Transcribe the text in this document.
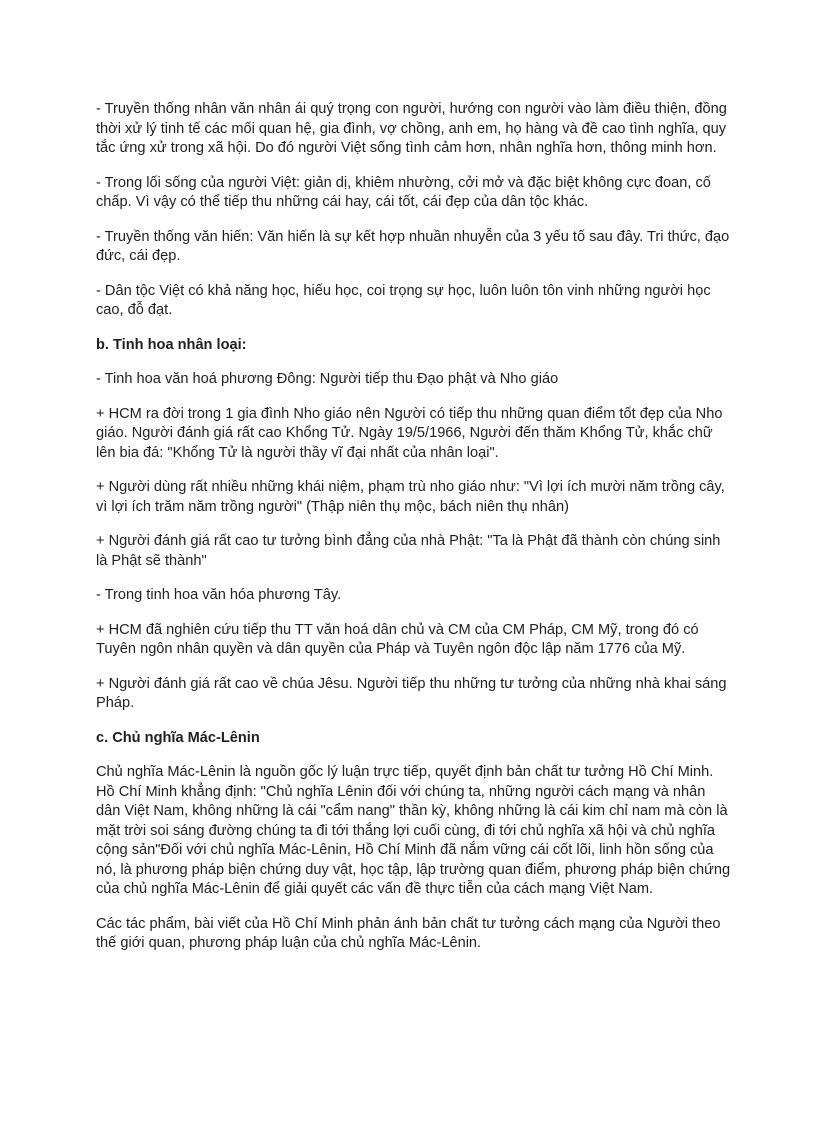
- Truyền thống nhân văn nhân ái quý trọng con người, hướng con người vào làm điều thiện, đồng thời xử lý tinh tế các mối quan hệ, gia đình, vợ chồng, anh em, họ hàng và đề cao tình nghĩa, quy tắc ứng xử trong xã hội. Do đó người Việt sống tình cảm hơn, nhân nghĩa hơn, thông minh hơn.

- Trong lối sống của người Việt: giản dị, khiêm nhường, cởi mở và đặc biệt không cực đoan, cố chấp. Vì vậy có thể tiếp thu những cái hay, cái tốt, cái đẹp của dân tộc khác.

- Truyền thống văn hiến: Văn hiến là sự kết hợp nhuần nhuyễn của 3 yếu tố sau đây. Tri thức, đạo đức, cái đẹp.

- Dân tộc Việt có khả năng học, hiếu học, coi trọng sự học, luôn luôn tôn vinh những người học cao, đỗ đạt.

b. Tinh hoa nhân loại:

- Tinh hoa văn hoá phương Đông: Người tiếp thu Đạo phật và Nho giáo

+ HCM ra đời trong 1 gia đình Nho giáo nên Người có tiếp thu những quan điểm tốt đẹp của Nho giáo. Người đánh giá rất cao Khổng Tử. Ngày 19/5/1966, Người đến thăm Khổng Tử, khắc chữ lên bia đá: "Khổng Tử là người thầy vĩ đại nhất của nhân loại".

+ Người dùng rất nhiều những khái niệm, phạm trù nho giáo như: "Vì lợi ích mười năm trồng cây, vì lợi ích trăm năm trồng người" (Thập niên thụ mộc, bách niên thụ nhân)

+ Người đánh giá rất cao tư tưởng bình đẳng của nhà Phật: "Ta là Phật đã thành còn chúng sinh là Phật sẽ thành"

- Trong tinh hoa văn hóa phương Tây.

+ HCM đã nghiên cứu tiếp thu TT văn hoá dân chủ và CM của CM Pháp, CM Mỹ, trong đó có Tuyên ngôn nhân quyền và dân quyền của Pháp và Tuyên ngôn độc lập năm 1776 của Mỹ.

+ Người đánh giá rất cao về chúa Jêsu. Người tiếp thu những tư tưởng của những nhà khai sáng Pháp.

c. Chủ nghĩa Mác-Lênin

Chủ nghĩa Mác-Lênin là nguồn gốc lý luận trực tiếp, quyết định bản chất tư tưởng Hồ Chí Minh. Hồ Chí Minh khẳng định: "Chủ nghĩa Lênin đối với chúng ta, những người cách mạng và nhân dân Việt Nam, không những là cái "cẩm nang" thần kỳ, không những là cái kim chỉ nam mà còn là mặt trời soi sáng đường chúng ta đi tới thắng lợi cuối cùng, đi tới chủ nghĩa xã hội và chủ nghĩa cộng sản"Đối với chủ nghĩa Mác-Lênin, Hồ Chí Minh đã nắm vững cái cốt lõi, linh hồn sống của nó, là phương pháp biện chứng duy vật, học tập, lập trường quan điểm, phương pháp biện chứng của chủ nghĩa Mác-Lênin để giải quyết các vấn đề thực tiễn của cách mạng Việt Nam.

Các tác phẩm, bài viết của Hồ Chí Minh phản ánh bản chất tư tưởng cách mạng của Người theo thế giới quan, phương pháp luận của chủ nghĩa Mác-Lênin.
